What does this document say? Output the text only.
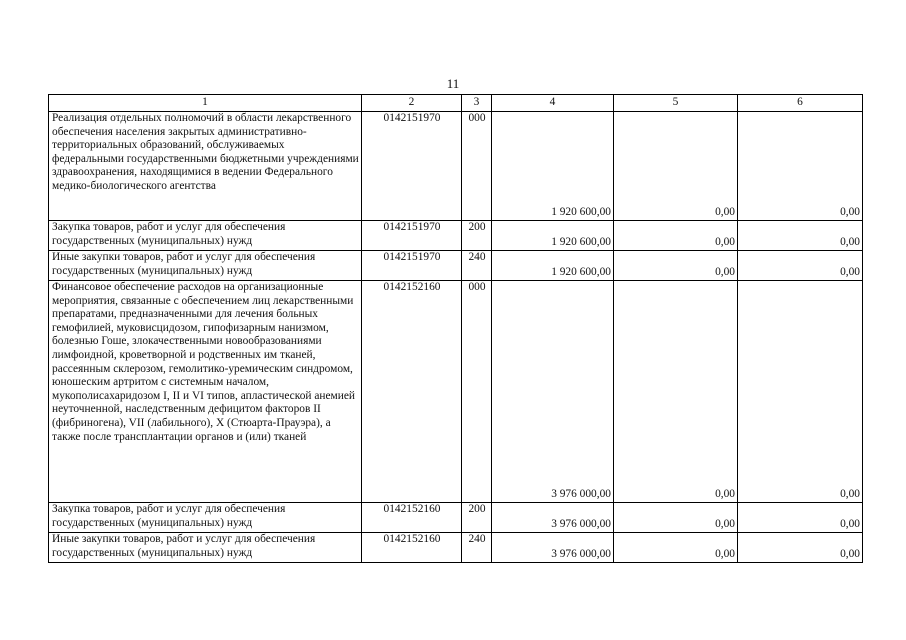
11
1	2	3	4	5	6
Реализация отдельных полномочий в области лекарственного обеспечения населения закрытых административно-территориальных образований, обслуживаемых федеральными государственными бюджетными учреждениями здравоохранения, находящимися в ведении Федерального медико-биологического агентства	0142151970	000	1 920 600,00	0,00	0,00
Закупка товаров, работ и услуг для обеспечения государственных (муниципальных) нужд	0142151970	200	1 920 600,00	0,00	0,00
Иные закупки товаров, работ и услуг для обеспечения государственных (муниципальных) нужд	0142151970	240	1 920 600,00	0,00	0,00
Финансовое обеспечение расходов на организационные мероприятия, связанные с обеспечением лиц лекарственными препаратами, предназначенными для лечения больных гемофилией, муковисцидозом, гипофизарным нанизмом, болезнью Гоше, злокачественными новообразованиями лимфоидной, кроветворной и родственных им тканей, рассеянным склерозом, гемолитико-уремическим синдромом, юношеским артритом с системным началом, мукополисахаридозом I, II и VI типов, апластической анемией неуточненной, наследственным дефицитом факторов II (фибриногена), VII (лабильного), X (Стюарта-Прауэра), а также после трансплантации органов и (или) тканей	0142152160	000	3 976 000,00	0,00	0,00
Закупка товаров, работ и услуг для обеспечения государственных (муниципальных) нужд	0142152160	200	3 976 000,00	0,00	0,00
Иные закупки товаров, работ и услуг для обеспечения государственных (муниципальных) нужд	0142152160	240	3 976 000,00	0,00	0,00
